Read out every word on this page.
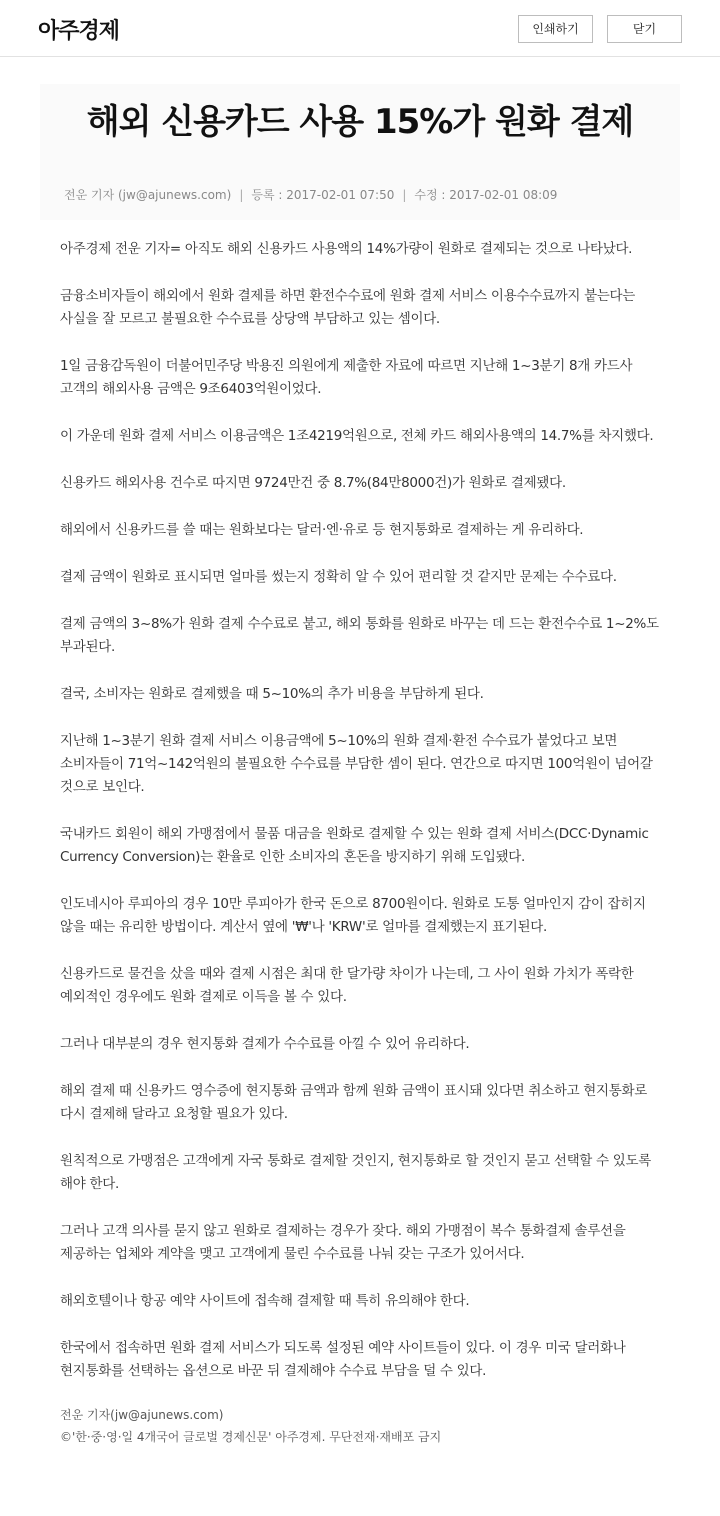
아주경제	인쇄하기	닫기
해외 신용카드 사용 15%가 원화 결제
전운 기자 (jw@ajunews.com) | 등록 : 2017-02-01 07:50 | 수정 : 2017-02-01 08:09

아주경제 전운 기자= 아직도 해외 신용카드 사용액의 14%가량이 원화로 결제되는 것으로 나타났다.

금융소비자들이 해외에서 원화 결제를 하면 환전수수료에 원화 결제 서비스 이용수수료까지 붙는다는 사실을 잘 모르고 불필요한 수수료를 상당액 부담하고 있는 셈이다.

1일 금융감독원이 더불어민주당 박용진 의원에게 제출한 자료에 따르면 지난해 1~3분기 8개 카드사 고객의 해외사용 금액은 9조6403억원이었다.

이 가운데 원화 결제 서비스 이용금액은 1조4219억원으로, 전체 카드 해외사용액의 14.7%를 차지했다.

신용카드 해외사용 건수로 따지면 9724만건 중 8.7%(84만8000건)가 원화로 결제됐다.

해외에서 신용카드를 쓸 때는 원화보다는 달러·엔·유로 등 현지통화로 결제하는 게 유리하다.

결제 금액이 원화로 표시되면 얼마를 썼는지 정확히 알 수 있어 편리할 것 같지만 문제는 수수료다.

결제 금액의 3~8%가 원화 결제 수수료로 붙고, 해외 통화를 원화로 바꾸는 데 드는 환전수수료 1~2%도 부과된다.

결국, 소비자는 원화로 결제했을 때 5~10%의 추가 비용을 부담하게 된다.

지난해 1~3분기 원화 결제 서비스 이용금액에 5~10%의 원화 결제·환전 수수료가 붙었다고 보면 소비자들이 71억~142억원의 불필요한 수수료를 부담한 셈이 된다. 연간으로 따지면 100억원이 넘어갈 것으로 보인다.

국내카드 회원이 해외 가맹점에서 물품 대금을 원화로 결제할 수 있는 원화 결제 서비스(DCC·Dynamic Currency Conversion)는 환율로 인한 소비자의 혼돈을 방지하기 위해 도입됐다.

인도네시아 루피아의 경우 10만 루피아가 한국 돈으로 8700원이다. 원화로 도통 얼마인지 감이 잡히지 않을 때는 유리한 방법이다. 계산서 옆에 '₩'나 'KRW'로 얼마를 결제했는지 표기된다.

신용카드로 물건을 샀을 때와 결제 시점은 최대 한 달가량 차이가 나는데, 그 사이 원화 가치가 폭락한 예외적인 경우에도 원화 결제로 이득을 볼 수 있다.

그러나 대부분의 경우 현지통화 결제가 수수료를 아낄 수 있어 유리하다.

해외 결제 때 신용카드 영수증에 현지통화 금액과 함께 원화 금액이 표시돼 있다면 취소하고 현지통화로 다시 결제해 달라고 요청할 필요가 있다.

원칙적으로 가맹점은 고객에게 자국 통화로 결제할 것인지, 현지통화로 할 것인지 묻고 선택할 수 있도록 해야 한다.

그러나 고객 의사를 묻지 않고 원화로 결제하는 경우가 잦다. 해외 가맹점이 복수 통화결제 솔루션을 제공하는 업체와 계약을 맺고 고객에게 물린 수수료를 나눠 갖는 구조가 있어서다.

해외호텔이나 항공 예약 사이트에 접속해 결제할 때 특히 유의해야 한다.

한국에서 접속하면 원화 결제 서비스가 되도록 설정된 예약 사이트들이 있다. 이 경우 미국 달러화나 현지통화를 선택하는 옵션으로 바꾼 뒤 결제해야 수수료 부담을 덜 수 있다.

전운 기자(jw@ajunews.com)
©'한·중·영·일 4개국어 글로벌 경제신문' 아주경제. 무단전재·재배포 금지
